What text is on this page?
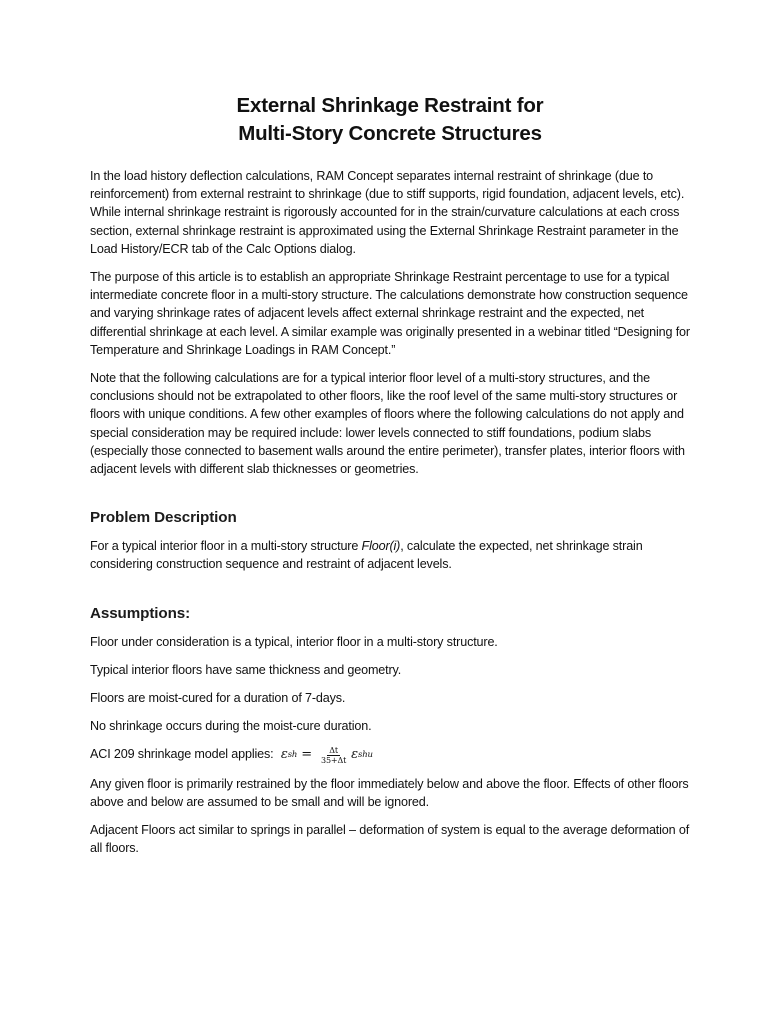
External Shrinkage Restraint for
Multi-Story Concrete Structures

In the load history deflection calculations, RAM Concept separates internal restraint of shrinkage (due to reinforcement) from external restraint to shrinkage (due to stiff supports, rigid foundation, adjacent levels, etc). While internal shrinkage restraint is rigorously accounted for in the strain/curvature calculations at each cross section, external shrinkage restraint is approximated using the External Shrinkage Restraint parameter in the Load History/ECR tab of the Calc Options dialog.

The purpose of this article is to establish an appropriate Shrinkage Restraint percentage to use for a typical intermediate concrete floor in a multi-story structure. The calculations demonstrate how construction sequence and varying shrinkage rates of adjacent levels affect external shrinkage restraint and the expected, net differential shrinkage at each level. A similar example was originally presented in a webinar titled “Designing for Temperature and Shrinkage Loadings in RAM Concept.”

Note that the following calculations are for a typical interior floor level of a multi-story structures, and the conclusions should not be extrapolated to other floors, like the roof level of the same multi-story structures or floors with unique conditions. A few other examples of floors where the following calculations do not apply and special consideration may be required include: lower levels connected to stiff foundations, podium slabs (especially those connected to basement walls around the entire perimeter), transfer plates, interior floors with adjacent levels with different slab thicknesses or geometries.

Problem Description

For a typical interior floor in a multi-story structure Floor(i), calculate the expected, net shrinkage strain considering construction sequence and restraint of adjacent levels.

Assumptions:

Floor under consideration is a typical, interior floor in a multi-story structure.

Typical interior floors have same thickness and geometry.

Floors are moist-cured for a duration of 7-days.

No shrinkage occurs during the moist-cure duration.

ACI 209 shrinkage model applies: ε sh = $\frac{\Delta t}{35+\Delta t}$ ε shu

Any given floor is primarily restrained by the floor immediately below and above the floor. Effects of other floors above and below are assumed to be small and will be ignored.

Adjacent Floors act similar to springs in parallel – deformation of system is equal to the average deformation of all floors.
